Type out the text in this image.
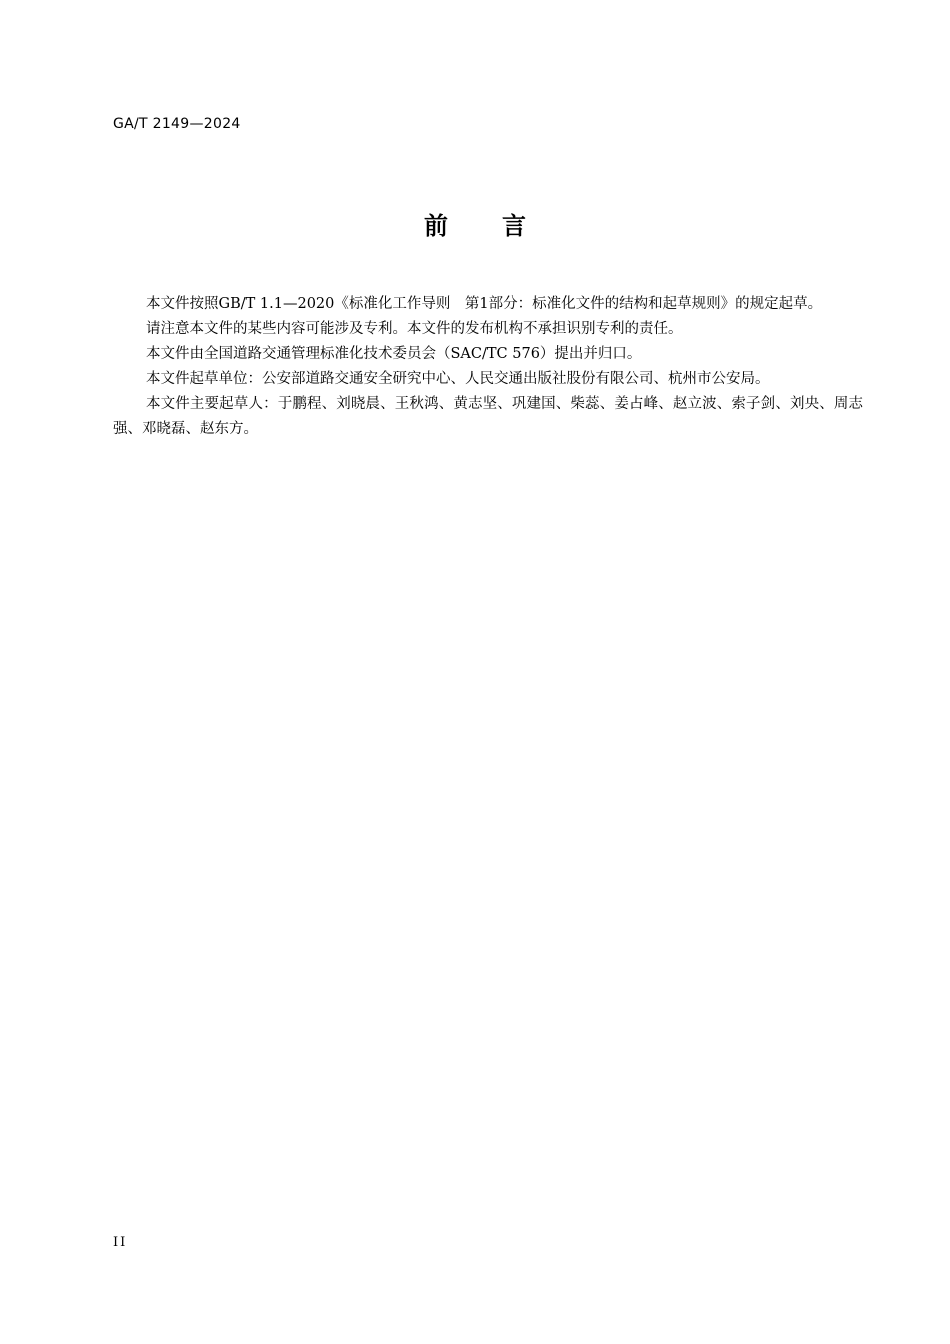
GA/T 2149—2024
前 言

本文件按照GB/T 1.1—2020《标准化工作导则　第1部分：标准化文件的结构和起草规则》的规定起草。

请注意本文件的某些内容可能涉及专利。本文件的发布机构不承担识别专利的责任。

本文件由全国道路交通管理标准化技术委员会（SAC/TC 576）提出并归口。

本文件起草单位：公安部道路交通安全研究中心、人民交通出版社股份有限公司、杭州市公安局。

本文件主要起草人：于鹏程、刘晓晨、王秋鸿、黄志坚、巩建国、柴蕊、姜占峰、赵立波、索子剑、刘央、周志强、邓晓磊、赵东方。

II
